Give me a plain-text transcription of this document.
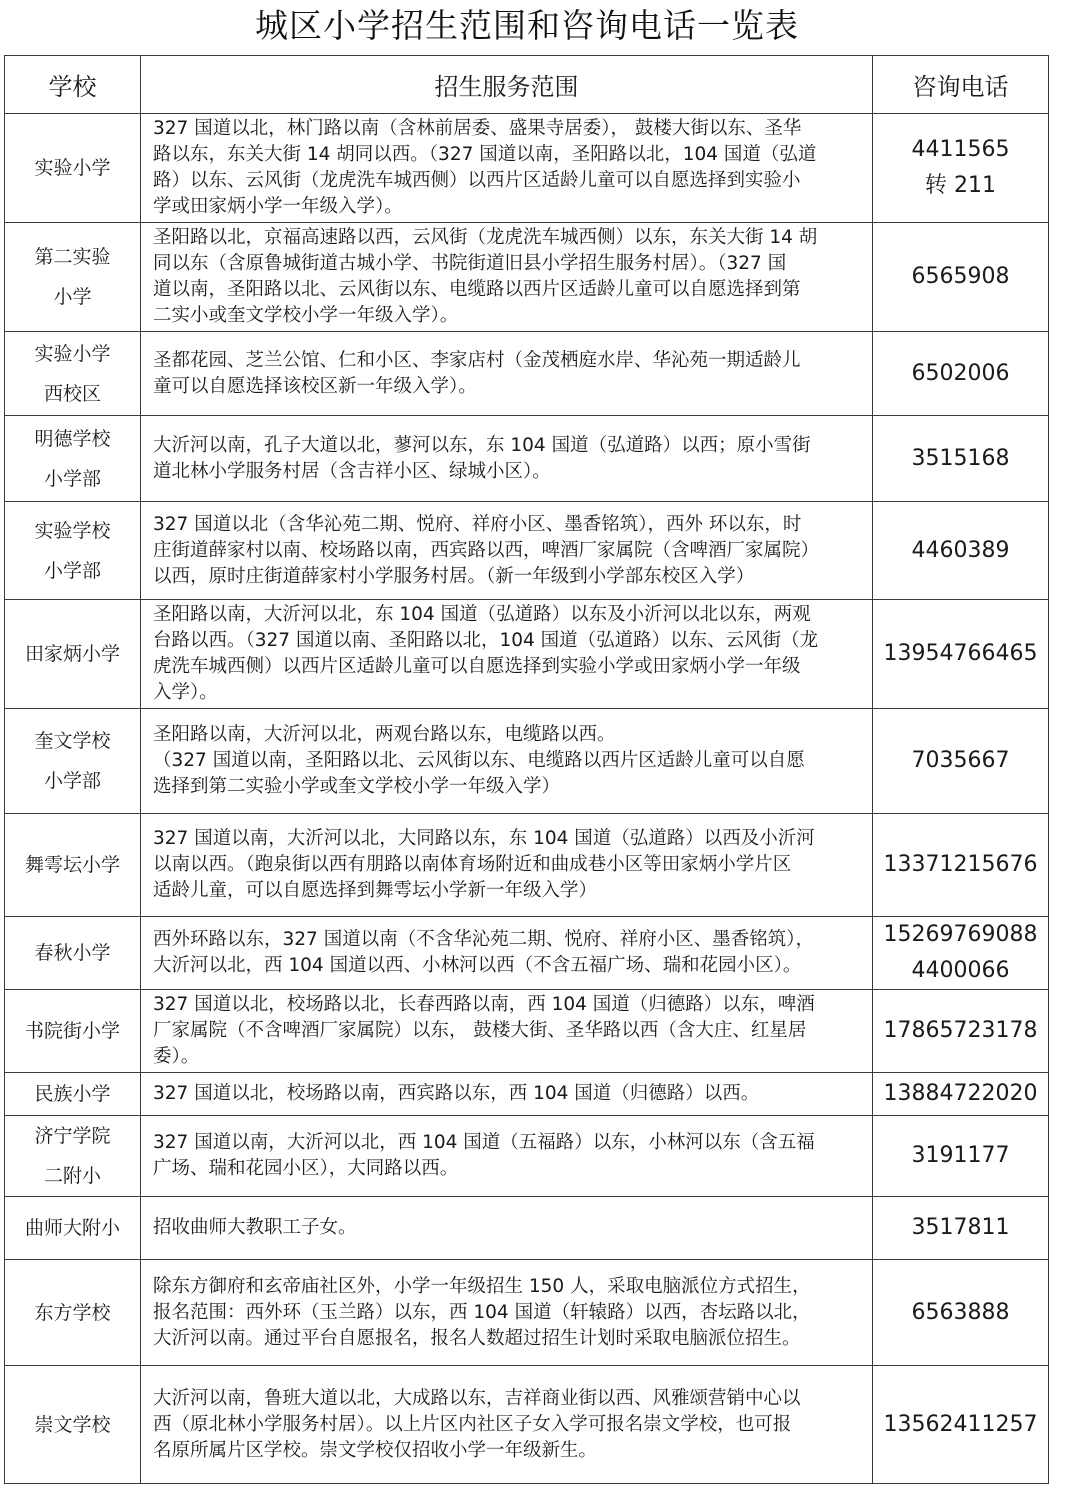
城区小学招生范围和咨询电话一览表
学校	招生服务范围	咨询电话

实验小学	327 国道以北，林门路以南（含林前居委、盛果寺居委）， 鼓楼大街以东、圣华
路以东，东关大街 14 胡同以西。（327 国道以南，圣阳路以北，104 国道（弘道
路）以东、云风街（龙虎洗车城西侧）以西片区适龄儿童可以自愿选择到实验小
学或田家炳小学一年级入学）。	4411565
转 211

第二实验
小学	圣阳路以北，京福高速路以西，云风街（龙虎洗车城西侧）以东，东关大街 14 胡
同以东（含原鲁城街道古城小学、书院街道旧县小学招生服务村居）。（327 国
道以南，圣阳路以北、云风街以东、电缆路以西片区适龄儿童可以自愿选择到第
二实小或奎文学校小学一年级入学）。	6565908

实验小学
西校区	圣都花园、芝兰公馆、仁和小区、李家店村（金茂栖庭水岸、华沁苑一期适龄儿
童可以自愿选择该校区新一年级入学）。	6502006

明德学校
小学部	大沂河以南，孔子大道以北，蓼河以东，东 104 国道（弘道路）以西；原小雪街
道北林小学服务村居（含吉祥小区、绿城小区）。	3515168

实验学校
小学部	327 国道以北（含华沁苑二期、悦府、祥府小区、墨香铭筑），西外 环以东，时
庄街道薛家村以南、校场路以南，西宾路以西，啤酒厂家属院（含啤酒厂家属院）
以西，原时庄街道薛家村小学服务村居。（新一年级到小学部东校区入学）	4460389

田家炳小学	圣阳路以南，大沂河以北，东 104 国道（弘道路）以东及小沂河以北以东，两观
台路以西。（327 国道以南、圣阳路以北，104 国道（弘道路）以东、云风街（龙
虎洗车城西侧）以西片区适龄儿童可以自愿选择到实验小学或田家炳小学一年级
入学）。	13954766465

奎文学校
小学部	圣阳路以南，大沂河以北，两观台路以东，电缆路以西。
（327 国道以南，圣阳路以北、云风街以东、电缆路以西片区适龄儿童可以自愿
选择到第二实验小学或奎文学校小学一年级入学）	7035667

舞雩坛小学	327 国道以南，大沂河以北，大同路以东，东 104 国道（弘道路）以西及小沂河
以南以西。（跑泉街以西有朋路以南体育场附近和曲成巷小区等田家炳小学片区
适龄儿童，可以自愿选择到舞雩坛小学新一年级入学）	13371215676

春秋小学	西外环路以东，327 国道以南（不含华沁苑二期、悦府、祥府小区、墨香铭筑），
大沂河以北，西 104 国道以西、小林河以西（不含五福广场、瑞和花园小区）。	15269769088
4400066

书院街小学	327 国道以北，校场路以北，长春西路以南，西 104 国道（归德路）以东，啤酒
厂家属院（不含啤酒厂家属院）以东， 鼓楼大街、圣华路以西（含大庄、红星居
委）。	17865723178

民族小学	327 国道以北，校场路以南，西宾路以东，西 104 国道（归德路）以西。	13884722020

济宁学院
二附小	327 国道以南，大沂河以北，西 104 国道（五福路）以东，小林河以东（含五福
广场、瑞和花园小区），大同路以西。	3191177

曲师大附小	招收曲师大教职工子女。	3517811

东方学校	除东方御府和玄帝庙社区外，小学一年级招生 150 人，采取电脑派位方式招生，
报名范围：西外环（玉兰路）以东，西 104 国道（轩辕路）以西，杏坛路以北，
大沂河以南。通过平台自愿报名，报名人数超过招生计划时采取电脑派位招生。	6563888

崇文学校	大沂河以南，鲁班大道以北，大成路以东，吉祥商业街以西、风雅颂营销中心以
西（原北林小学服务村居）。以上片区内社区子女入学可报名崇文学校，也可报
名原所属片区学校。崇文学校仅招收小学一年级新生。	13562411257
